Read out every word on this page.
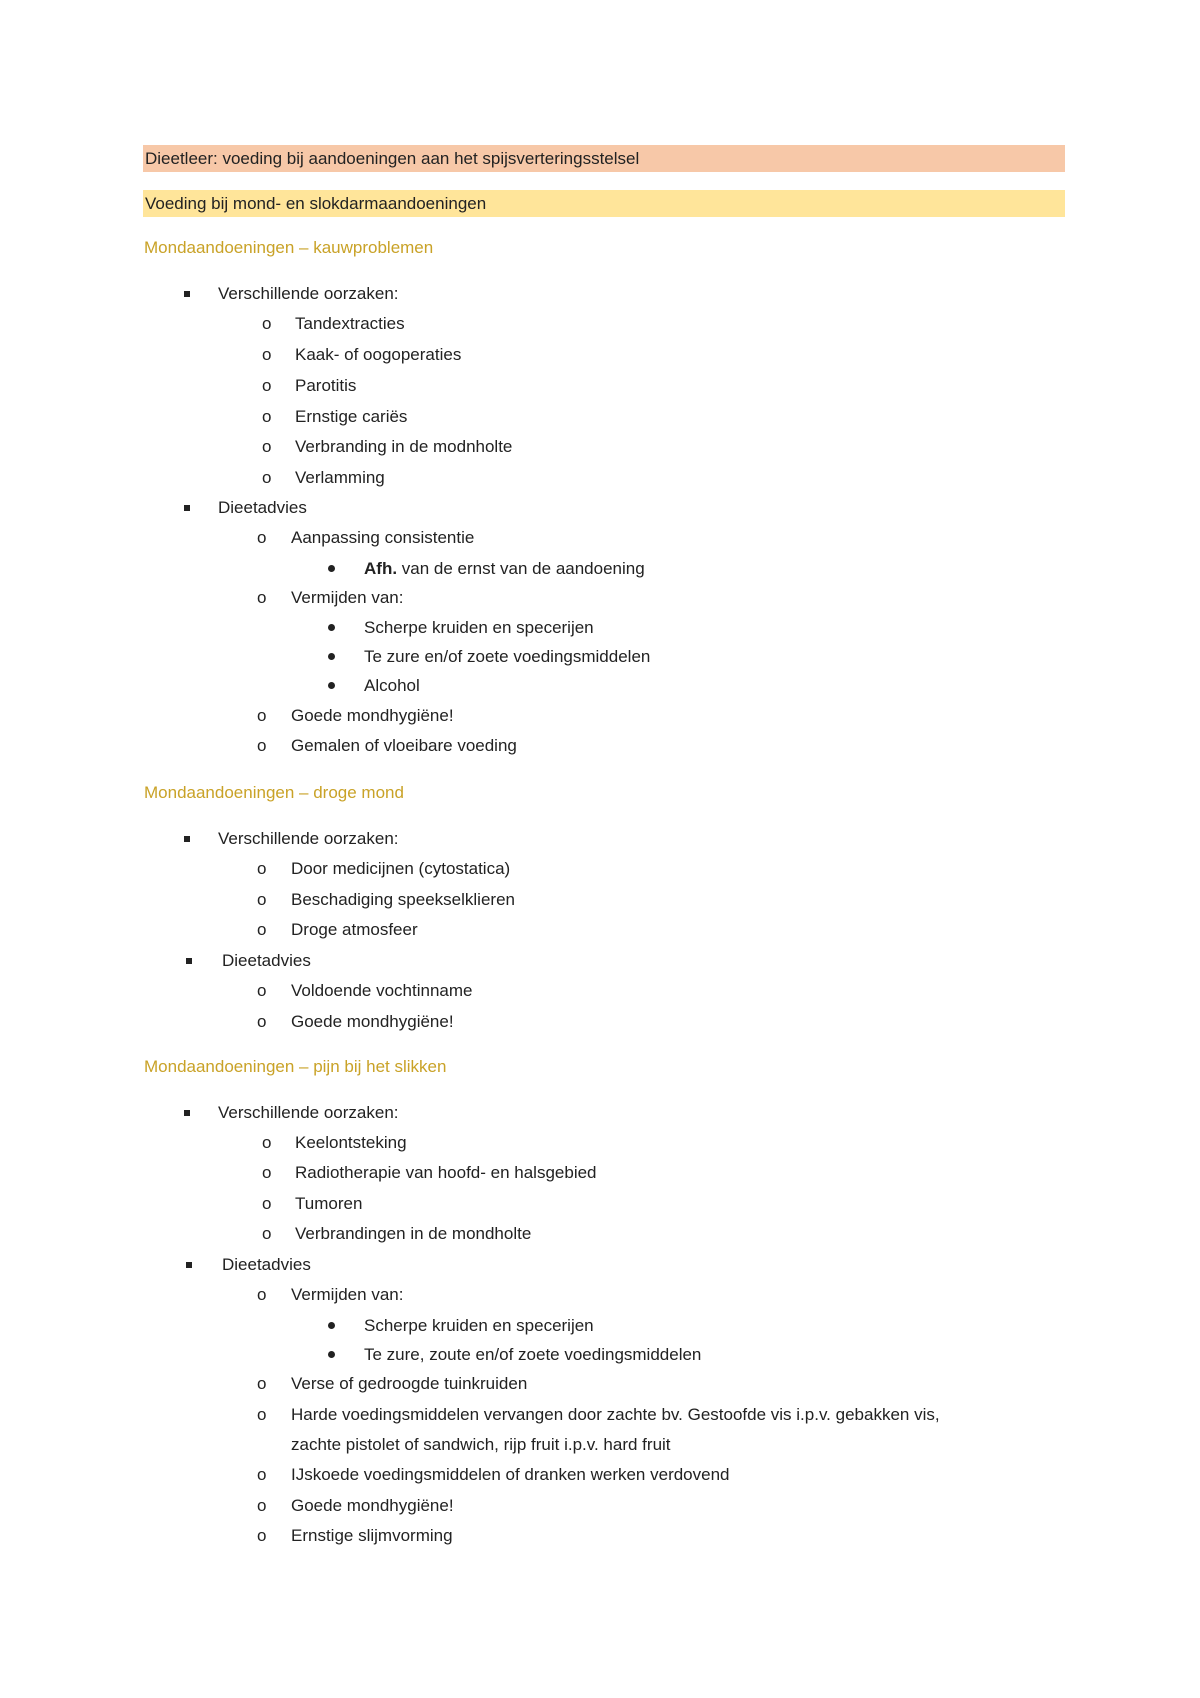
Dieetleer: voeding bij aandoeningen aan het spijsverteringsstelsel
Voeding bij mond- en slokdarmaandoeningen
Mondaandoeningen – kauwproblemen
Verschillende oorzaken:
o Tandextracties
o Kaak- of oogoperaties
o Parotitis
o Ernstige cariës
o Verbranding in de modnholte
o Verlamming
Dieetadvies
o Aanpassing consistentie
Afh. van de ernst van de aandoening
o Vermijden van:
Scherpe kruiden en specerijen
Te zure en/of zoete voedingsmiddelen
Alcohol
o Goede mondhygiëne!
o Gemalen of vloeibare voeding
Mondaandoeningen – droge mond
Verschillende oorzaken:
o Door medicijnen (cytostatica)
o Beschadiging speekselklieren
o Droge atmosfeer
Dieetadvies
o Voldoende vochtinname
o Goede mondhygiëne!
Mondaandoeningen – pijn bij het slikken
Verschillende oorzaken:
o Keelontsteking
o Radiotherapie van hoofd- en halsgebied
o Tumoren
o Verbrandingen in de mondholte
Dieetadvies
o Vermijden van:
Scherpe kruiden en specerijen
Te zure, zoute en/of zoete voedingsmiddelen
o Verse of gedroogde tuinkruiden
o Harde voedingsmiddelen vervangen door zachte bv. Gestoofde vis i.p.v. gebakken vis,
zachte pistolet of sandwich, rijp fruit i.p.v. hard fruit
o IJskoede voedingsmiddelen of dranken werken verdovend
o Goede mondhygiëne!
o Ernstige slijmvorming
